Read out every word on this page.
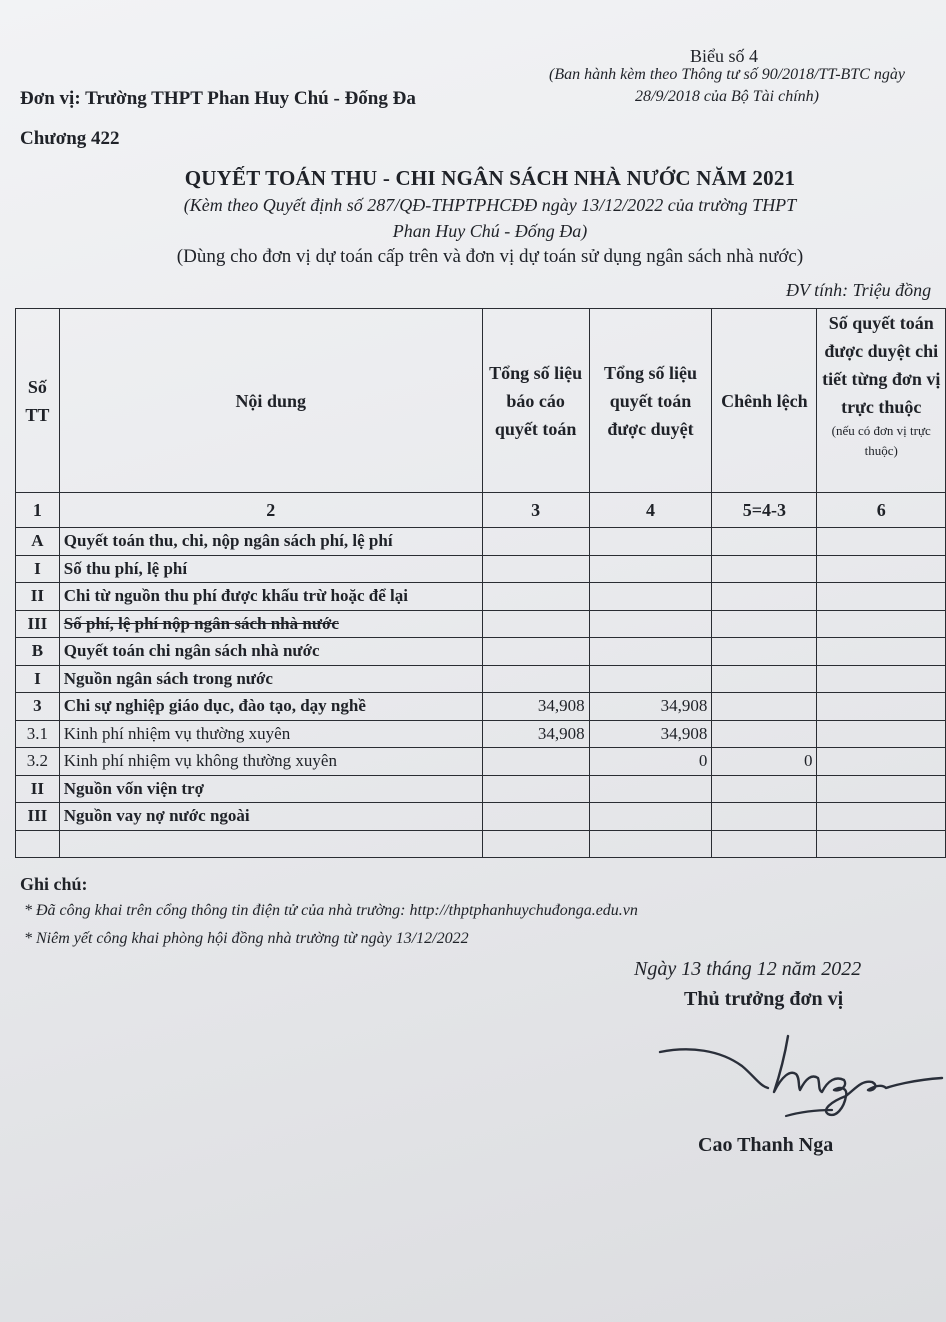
Biểu số 4
(Ban hành kèm theo Thông tư số 90/2018/TT-BTC ngày 28/9/2018 của Bộ Tài chính)
Đơn vị: Trường THPT Phan Huy Chú - Đống Đa
Chương 422
QUYẾT TOÁN THU - CHI NGÂN SÁCH NHÀ NƯỚC NĂM 2021
(Kèm theo Quyết định số 287/QĐ-THPTPHCĐĐ ngày 13/12/2022 của trường THPT Phan Huy Chú - Đống Đa)
(Dùng cho đơn vị dự toán cấp trên và đơn vị dự toán sử dụng ngân sách nhà nước)
ĐV tính: Triệu đồng
Số TT	Nội dung	Tổng số liệu báo cáo quyết toán	Tổng số liệu quyết toán được duyệt	Chênh lệch	Số quyết toán được duyệt chi tiết từng đơn vị trực thuộc
(nếu có đơn vị trực thuộc)

1	2	3	4	5=4-3	6
A	Quyết toán thu, chi, nộp ngân sách phí, lệ phí				
I	Số thu phí, lệ phí				
II	Chi từ nguồn thu phí được khấu trừ hoặc để lại				
III	Số phí, lệ phí nộp ngân sách nhà nước				
B	Quyết toán chi ngân sách nhà nước				
I	Nguồn ngân sách trong nước				
3	Chi sự nghiệp giáo dục, đào tạo, dạy nghề	34,908	34,908		
3.1	Kinh phí nhiệm vụ thường xuyên	34,908	34,908		
3.2	Kinh phí nhiệm vụ không thường xuyên		0	0	
II	Nguồn vốn viện trợ				
III	Nguồn vay nợ nước ngoài				

Ghi chú:
* Đã công khai trên cổng thông tin điện tử của nhà trường: http://thptphanhuychuđonga.edu.vn
* Niêm yết công khai phòng hội đồng nhà trường từ ngày 13/12/2022
Ngày 13 tháng 12 năm 2022
Thủ trưởng đơn vị
Cao Thanh Nga
